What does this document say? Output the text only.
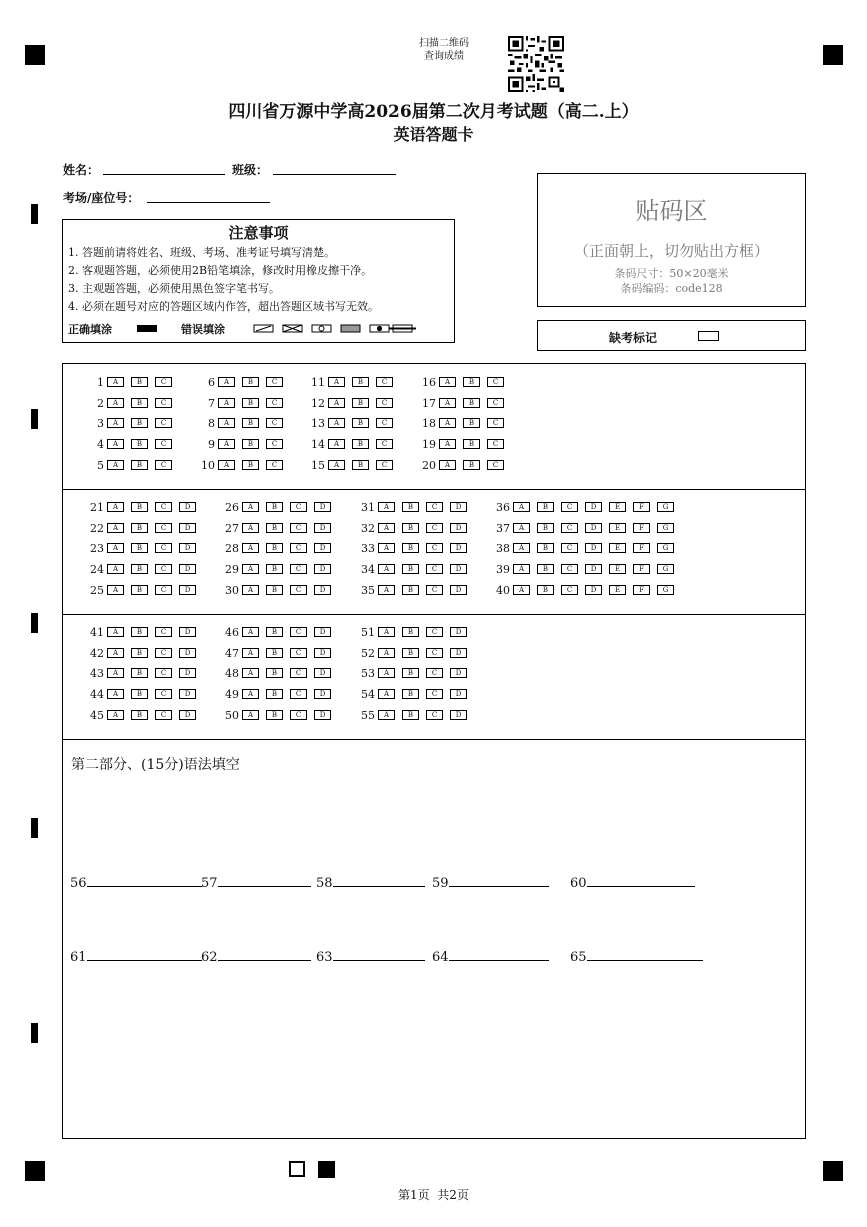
扫描二维码
查询成绩
四川省万源中学高2026届第二次月考试题（高二.上）
英语答题卡
姓名：	班级：
考场/座位号：
注意事项
1. 答题前请将姓名、班级、考场、准考证号填写清楚。
2. 客观题答题，必须使用2B铅笔填涂，修改时用橡皮擦干净。
3. 主观题答题，必须使用黑色签字笔书写。
4. 必须在题号对应的答题区域内作答，超出答题区域书写无效。
正确填涂	错误填涂
贴码区
（正面朝上，切勿贴出方框）
条码尺寸：50×20毫米
条码编码：code128
缺考标记
1	A	B	C
2	A	B	C
3	A	B	C
4	A	B	C
5	A	B	C
6	A	B	C
7	A	B	C
8	A	B	C
9	A	B	C
10	A	B	C
11	A	B	C
12	A	B	C
13	A	B	C
14	A	B	C
15	A	B	C
16	A	B	C
17	A	B	C
18	A	B	C
19	A	B	C
20	A	B	C
21	A	B	C	D
22	A	B	C	D
23	A	B	C	D
24	A	B	C	D
25	A	B	C	D
26	A	B	C	D
27	A	B	C	D
28	A	B	C	D
29	A	B	C	D
30	A	B	C	D
31	A	B	C	D
32	A	B	C	D
33	A	B	C	D
34	A	B	C	D
35	A	B	C	D
36	A	B	C	D	E	F	G
37	A	B	C	D	E	F	G
38	A	B	C	D	E	F	G
39	A	B	C	D	E	F	G
40	A	B	C	D	E	F	G
41	A	B	C	D
42	A	B	C	D
43	A	B	C	D
44	A	B	C	D
45	A	B	C	D
46	A	B	C	D
47	A	B	C	D
48	A	B	C	D
49	A	B	C	D
50	A	B	C	D
51	A	B	C	D
52	A	B	C	D
53	A	B	C	D
54	A	B	C	D
55	A	B	C	D
第二部分、(15分)语法填空
56	57	58	59	60
61	62	63	64	65
第1页  共2页
